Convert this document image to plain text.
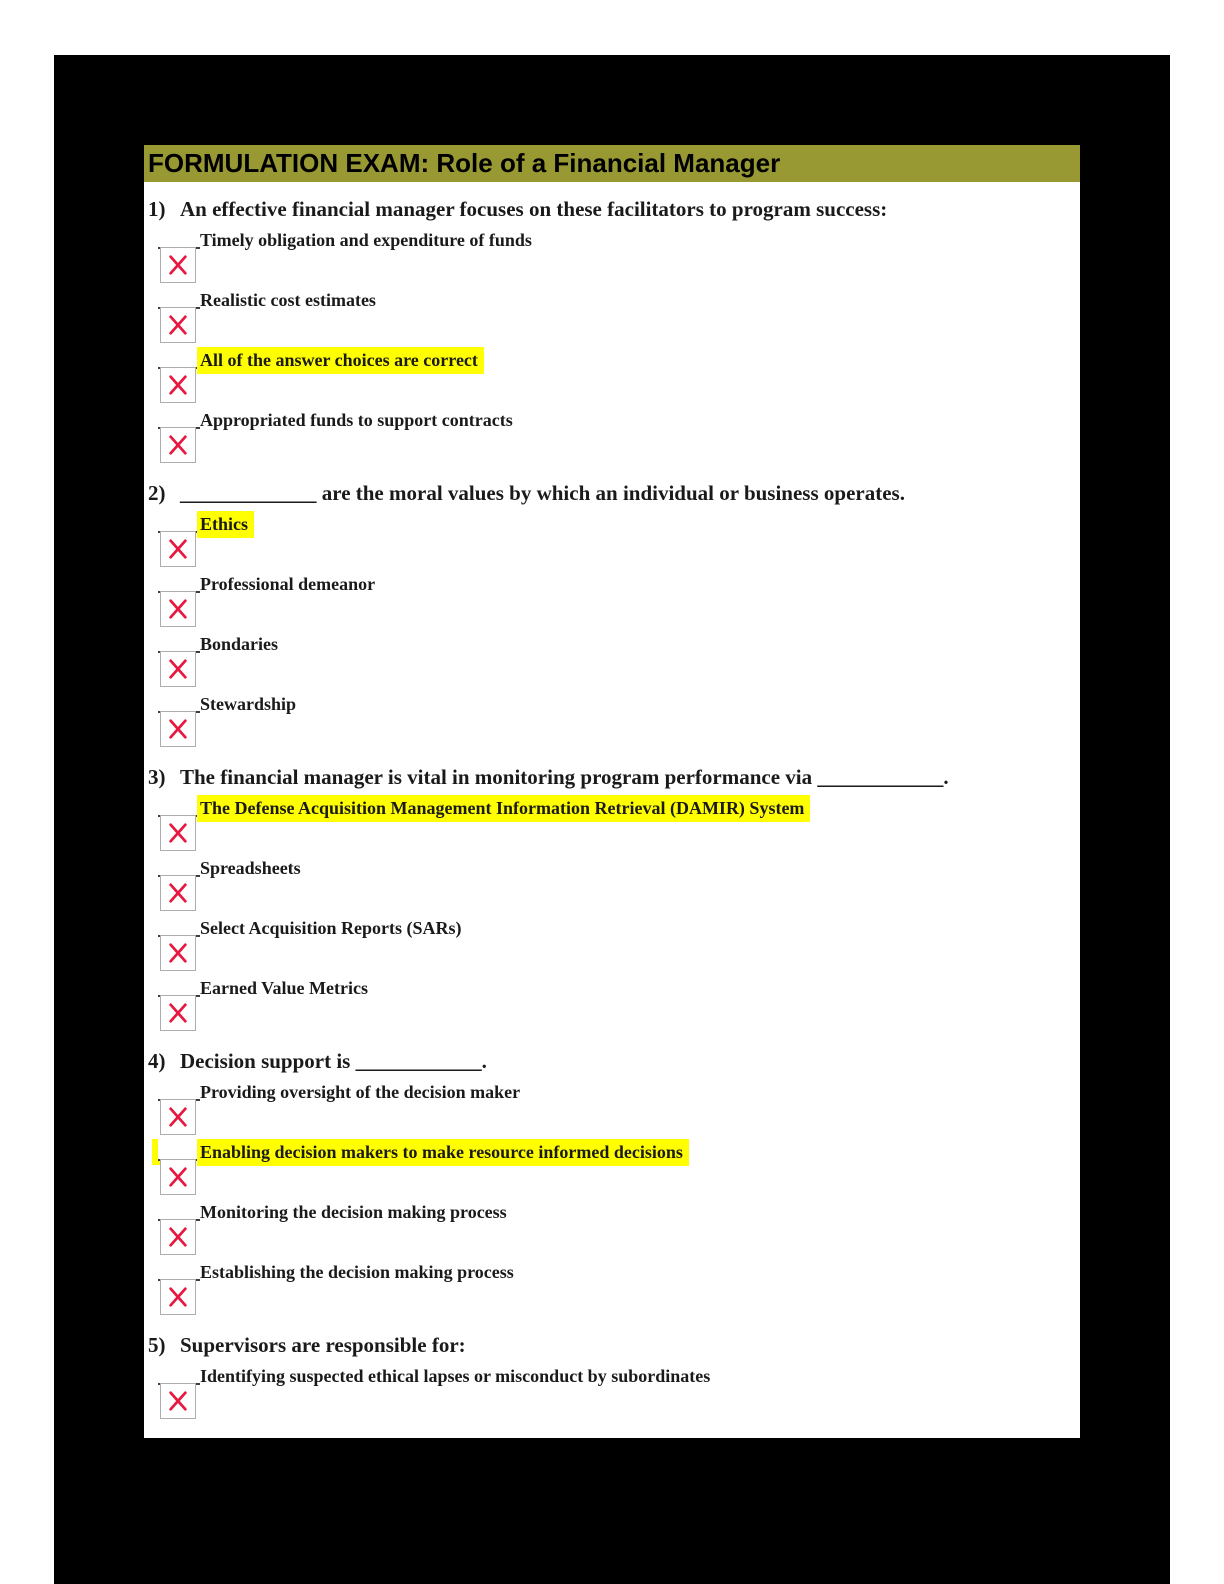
FORMULATION EXAM: Role of a Financial Manager
1) An effective financial manager focuses on these facilitators to program success:
Timely obligation and expenditure of funds
Realistic cost estimates
All of the answer choices are correct
Appropriated funds to support contracts
2) _____________ are the moral values by which an individual or business operates.
Ethics
Professional demeanor
Bondaries
Stewardship
3) The financial manager is vital in monitoring program performance via ____________.
The Defense Acquisition Management Information Retrieval (DAMIR) System
Spreadsheets
Select Acquisition Reports (SARs)
Earned Value Metrics
4) Decision support is ____________.
Providing oversight of the decision maker
Enabling decision makers to make resource informed decisions
Monitoring the decision making process
Establishing the decision making process
5) Supervisors are responsible for:
Identifying suspected ethical lapses or misconduct by subordinates
